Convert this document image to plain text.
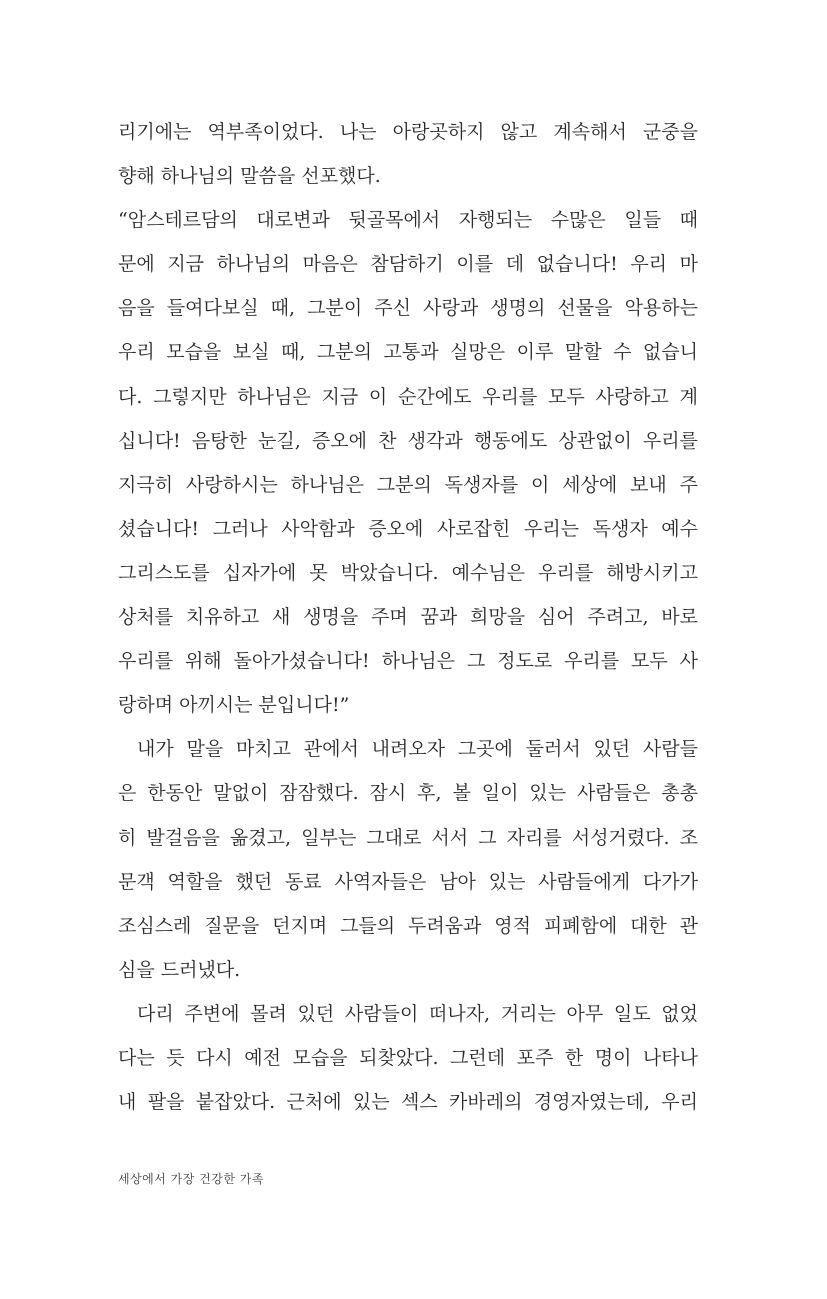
리기에는 역부족이었다. 나는 아랑곳하지 않고 계속해서 군중을
향해 하나님의 말씀을 선포했다.
“암스테르담의 대로변과 뒷골목에서 자행되는 수많은 일들 때
문에 지금 하나님의 마음은 참담하기 이를 데 없습니다! 우리 마
음을 들여다보실 때, 그분이 주신 사랑과 생명의 선물을 악용하는
우리 모습을 보실 때, 그분의 고통과 실망은 이루 말할 수 없습니
다. 그렇지만 하나님은 지금 이 순간에도 우리를 모두 사랑하고 계
십니다! 음탕한 눈길, 증오에 찬 생각과 행동에도 상관없이 우리를
지극히 사랑하시는 하나님은 그분의 독생자를 이 세상에 보내 주
셨습니다! 그러나 사악함과 증오에 사로잡힌 우리는 독생자 예수
그리스도를 십자가에 못 박았습니다. 예수님은 우리를 해방시키고
상처를 치유하고 새 생명을 주며 꿈과 희망을 심어 주려고, 바로
우리를 위해 돌아가셨습니다! 하나님은 그 정도로 우리를 모두 사
랑하며 아끼시는 분입니다!”
내가 말을 마치고 관에서 내려오자 그곳에 둘러서 있던 사람들
은 한동안 말없이 잠잠했다. 잠시 후, 볼 일이 있는 사람들은 총총
히 발걸음을 옮겼고, 일부는 그대로 서서 그 자리를 서성거렸다. 조
문객 역할을 했던 동료 사역자들은 남아 있는 사람들에게 다가가
조심스레 질문을 던지며 그들의 두려움과 영적 피폐함에 대한 관
심을 드러냈다.
다리 주변에 몰려 있던 사람들이 떠나자, 거리는 아무 일도 없었
다는 듯 다시 예전 모습을 되찾았다. 그런데 포주 한 명이 나타나
내 팔을 붙잡았다. 근처에 있는 섹스 카바레의 경영자였는데, 우리
세상에서 가장 건강한 가족
